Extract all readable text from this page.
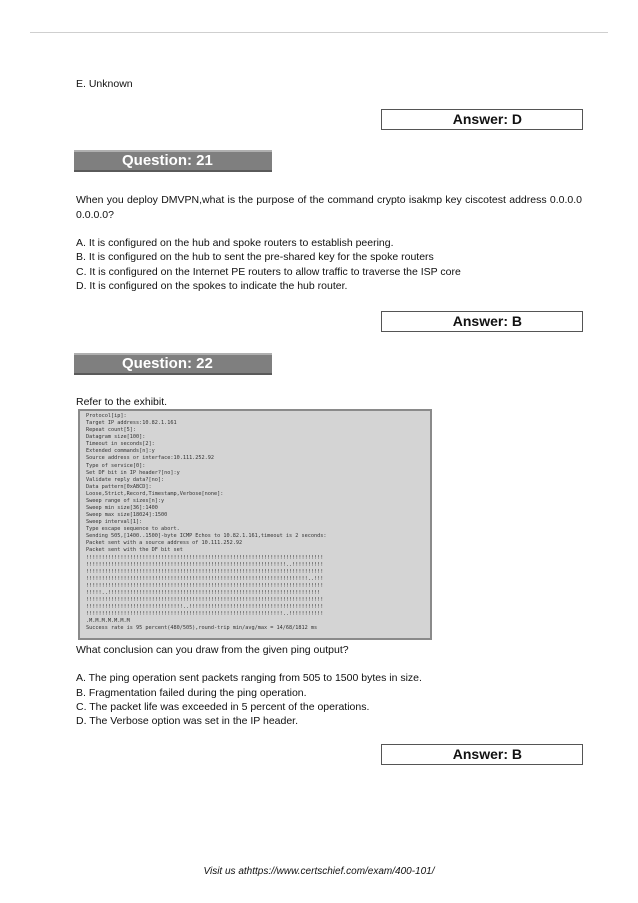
E. Unknown
Answer: D
Question: 21
When you deploy DMVPN,what is the purpose of the command crypto isakmp key ciscotest address 0.0.0.0 0.0.0.0?
A. It is configured on the hub and spoke routers to establish peering.
B. It is configured on the hub to sent the pre-shared key for the spoke routers
C. It is configured on the Internet PE routers to allow traffic to traverse the ISP core
D. It is configured on the spokes to indicate the hub router.
Answer: B
Question: 22
Refer to the exhibit.
Protocol[ip]:
Target IP address:10.82.1.161
Repeat count[5]:
Datagram size[100]:
Timeout in seconds[2]:
Extended commands[n]:y
Source address or interface:10.111.252.92
Type of service[0]:
Set DF bit in IP header?[no]:y
Validate reply data?[no]:
Data pattern[0xABCD]:
Loose,Strict,Record,Timestamp,Verbose[none]:
Sweep range of sizes[n]:y
Sweep min size[36]:1400
Sweep max size[18024]:1500
Sweep interval[1]:
Type escape sequence to abort.
Sending 505,[1400..1500]-byte ICMP Echos to 10.82.1.161,timeout is 2 seconds:
Packet sent with a source address of 10.111.252.92
Packet sent with the DF bit set
!!!!!!!!!!!!!!!!!!!!!!!!!!!!!!!!!!!!!!!!!!!!!!!!!!!!!!!!!!!!!!!!!!!!!!!!!!!!
!!!!!!!!!!!!!!!!!!!!!!!!!!!!!!!!!!!!!!!!!!!!!!!!!!!!!!!!!!!!!!!!..!!!!!!!!!!
!!!!!!!!!!!!!!!!!!!!!!!!!!!!!!!!!!!!!!!!!!!!!!!!!!!!!!!!!!!!!!!!!!!!!!!!!!!!
!!!!!!!!!!!!!!!!!!!!!!!!!!!!!!!!!!!!!!!!!!!!!!!!!!!!!!!!!!!!!!!!!!!!!!!..!!!
!!!!!!!!!!!!!!!!!!!!!!!!!!!!!!!!!!!!!!!!!!!!!!!!!!!!!!!!!!!!!!!!!!!!!!!!!!!!
!!!!!..!!!!!!!!!!!!!!!!!!!!!!!!!!!!!!!!!!!!!!!!!!!!!!!!!!!!!!!!!!!!!!!!!!!!
!!!!!!!!!!!!!!!!!!!!!!!!!!!!!!!!!!!!!!!!!!!!!!!!!!!!!!!!!!!!!!!!!!!!!!!!!!!!
!!!!!!!!!!!!!!!!!!!!!!!!!!!!!!!..!!!!!!!!!!!!!!!!!!!!!!!!!!!!!!!!!!!!!!!!!!!
!!!!!!!!!!!!!!!!!!!!!!!!!!!!!!!!!!!!!!!!!!!!!!!!!!!!!!!!!!!!!!!..!!!!!!!!!!!
.M.M.M.M.M.M.M
Success rate is 95 percent(480/505),round-trip min/avg/max = 14/68/1812 ms
What conclusion can you draw from the given ping output?
A. The ping operation sent packets ranging from 505 to 1500 bytes in size.
B. Fragmentation failed during the ping operation.
C. The packet life was exceeded in 5 percent of the operations.
D. The Verbose option was set in the IP header.
Answer: B
Visit us athttps://www.certschief.com/exam/400-101/
